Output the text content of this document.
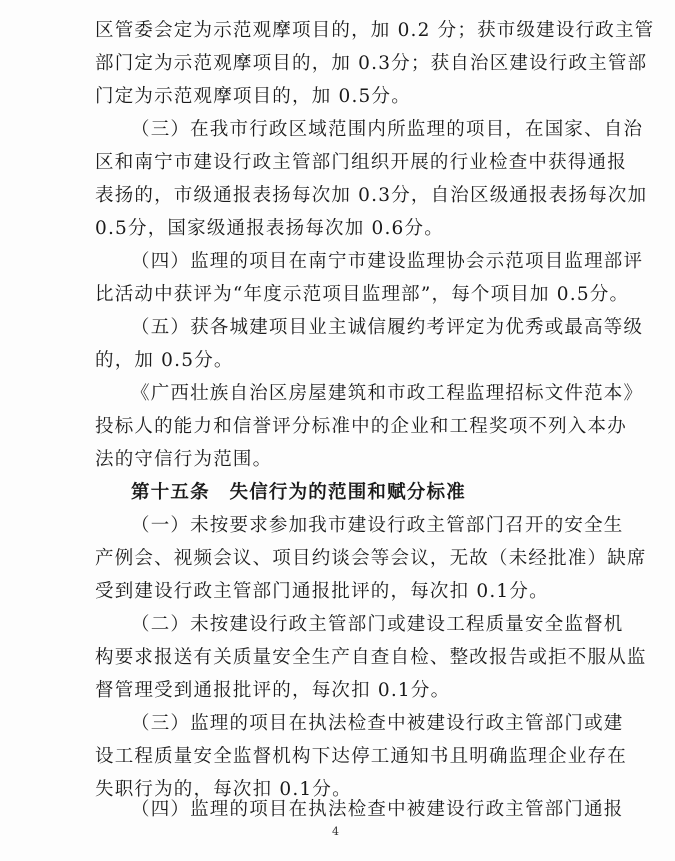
区管委会定为示范观摩项目的，加 0.2 分；获市级建设行政主管
部门定为示范观摩项目的，加 0.3分；获自治区建设行政主管部
门定为示范观摩项目的，加 0.5分。
（三）在我市行政区域范围内所监理的项目，在国家、自治
区和南宁市建设行政主管部门组织开展的行业检查中获得通报
表扬的，市级通报表扬每次加 0.3分，自治区级通报表扬每次加
0.5分，国家级通报表扬每次加 0.6分。
（四）监理的项目在南宁市建设监理协会示范项目监理部评
比活动中获评为“年度示范项目监理部”，每个项目加 0.5分。
（五）获各城建项目业主诚信履约考评定为优秀或最高等级
的，加 0.5分。
《广西壮族自治区房屋建筑和市政工程监理招标文件范本》
投标人的能力和信誉评分标准中的企业和工程奖项不列入本办
法的守信行为范围。
第十五条　失信行为的范围和赋分标准
（一）未按要求参加我市建设行政主管部门召开的安全生
产例会、视频会议、项目约谈会等会议，无故（未经批准）缺席
受到建设行政主管部门通报批评的，每次扣 0.1分。
（二）未按建设行政主管部门或建设工程质量安全监督机
构要求报送有关质量安全生产自查自检、整改报告或拒不服从监
督管理受到通报批评的，每次扣 0.1分。
（三）监理的项目在执法检查中被建设行政主管部门或建
设工程质量安全监督机构下达停工通知书且明确监理企业存在
失职行为的，每次扣 0.1分。
（四）监理的项目在执法检查中被建设行政主管部门通报
4
